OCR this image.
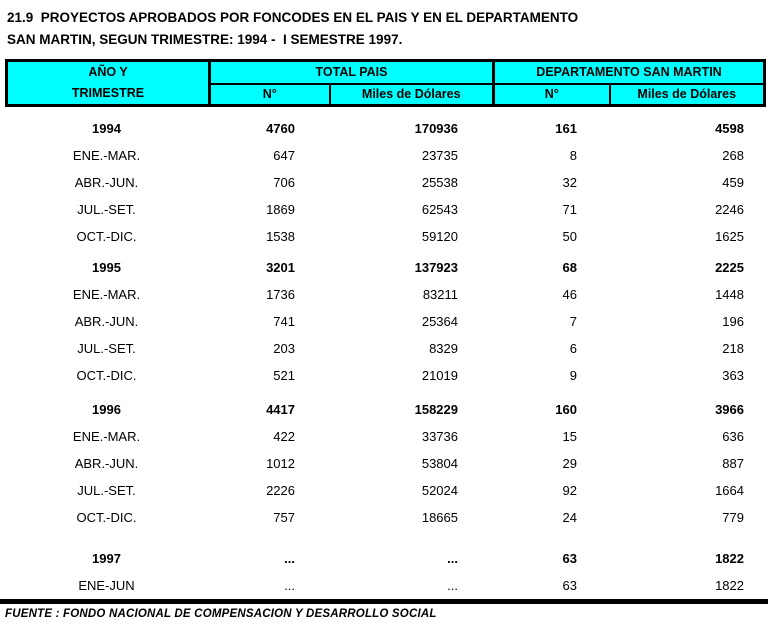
21.9  PROYECTOS APROBADOS POR FONCODES EN EL PAIS Y EN EL DEPARTAMENTO
SAN MARTIN, SEGUN TRIMESTRE: 1994 -  I SEMESTRE 1997.
AÑO Y
TRIMESTRE	TOTAL PAIS		DEPARTAMENTO SAN MARTIN	
	N°	Miles de Dólares	N°	Miles de Dólares
1994	4760	170936	161	4598
ENE.-MAR.	647	23735	8	268
ABR.-JUN.	706	25538	32	459
JUL.-SET.	1869	62543	71	2246
OCT.-DIC.	1538	59120	50	1625

1995	3201	137923	68	2225
ENE.-MAR.	1736	83211	46	1448
ABR.-JUN.	741	25364	7	196
JUL.-SET.	203	8329	6	218
OCT.-DIC.	521	21019	9	363

1996	4417	158229	160	3966
ENE.-MAR.	422	33736	15	636
ABR.-JUN.	1012	53804	29	887
JUL.-SET.	2226	52024	92	1664
OCT.-DIC.	757	18665	24	779

1997	...	...	63	1822
ENE-JUN	...	...	63	1822
FUENTE : FONDO NACIONAL DE COMPENSACION Y DESARROLLO SOCIAL
